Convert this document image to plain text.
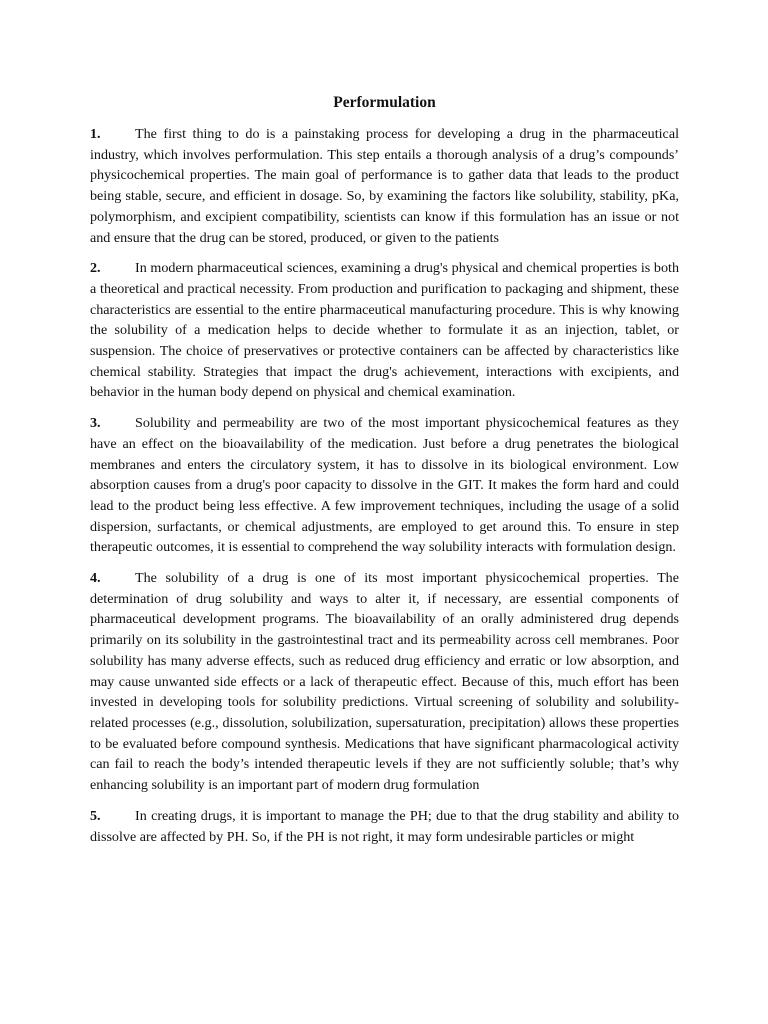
Performulation

1. The first thing to do is a painstaking process for developing a drug in the pharmaceutical industry, which involves performulation. This step entails a thorough analysis of a drug’s compounds’ physicochemical properties. The main goal of performance is to gather data that leads to the product being stable, secure, and efficient in dosage. So, by examining the factors like solubility, stability, pKa, polymorphism, and excipient compatibility, scientists can know if this formulation has an issue or not and ensure that the drug can be stored, produced, or given to the patients

2. In modern pharmaceutical sciences, examining a drug's physical and chemical properties is both a theoretical and practical necessity. From production and purification to packaging and shipment, these characteristics are essential to the entire pharmaceutical manufacturing procedure. This is why knowing the solubility of a medication helps to decide whether to formulate it as an injection, tablet, or suspension. The choice of preservatives or protective containers can be affected by characteristics like chemical stability. Strategies that impact the drug's achievement, interactions with excipients, and behavior in the human body depend on physical and chemical examination.

3. Solubility and permeability are two of the most important physicochemical features as they have an effect on the bioavailability of the medication. Just before a drug penetrates the biological membranes and enters the circulatory system, it has to dissolve in its biological environment. Low absorption causes from a drug's poor capacity to dissolve in the GIT. It makes the form hard and could lead to the product being less effective. A few improvement techniques, including the usage of a solid dispersion, surfactants, or chemical adjustments, are employed to get around this. To ensure in step therapeutic outcomes, it is essential to comprehend the way solubility interacts with formulation design.

4. The solubility of a drug is one of its most important physicochemical properties. The determination of drug solubility and ways to alter it, if necessary, are essential components of pharmaceutical development programs. The bioavailability of an orally administered drug depends primarily on its solubility in the gastrointestinal tract and its permeability across cell membranes. Poor solubility has many adverse effects, such as reduced drug efficiency and erratic or low absorption, and may cause unwanted side effects or a lack of therapeutic effect. Because of this, much effort has been invested in developing tools for solubility predictions. Virtual screening of solubility and solubility-related processes (e.g., dissolution, solubilization, supersaturation, precipitation) allows these properties to be evaluated before compound synthesis. Medications that have significant pharmacological activity can fail to reach the body’s intended therapeutic levels if they are not sufficiently soluble; that’s why enhancing solubility is an important part of modern drug formulation

5. In creating drugs, it is important to manage the PH; due to that the drug stability and ability to dissolve are affected by PH. So, if the PH is not right, it may form undesirable particles or might
